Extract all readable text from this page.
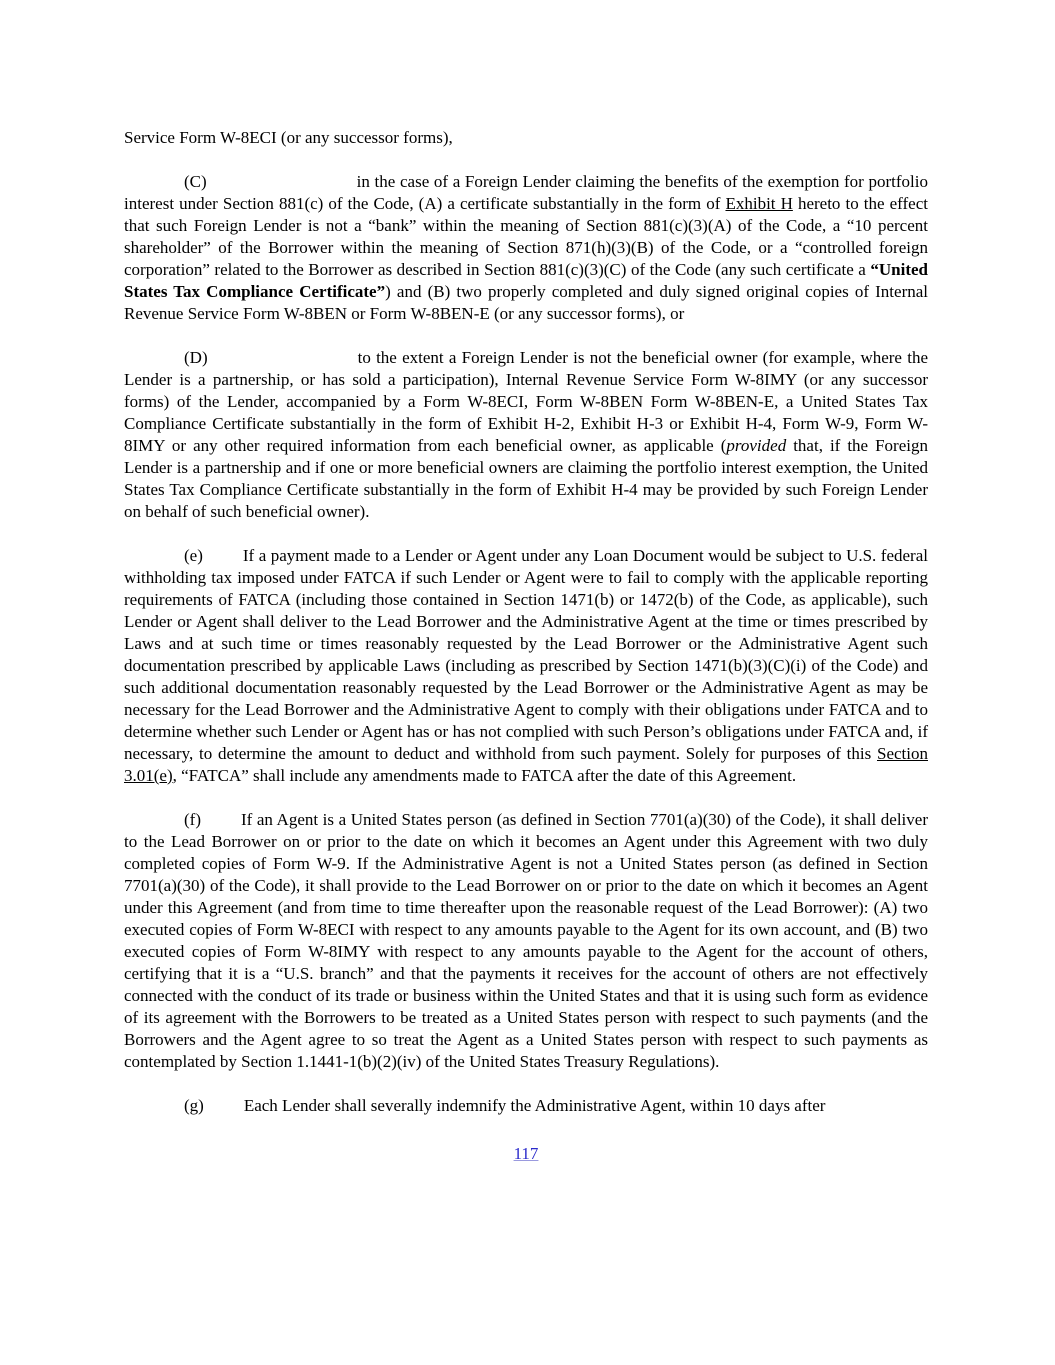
Service Form W-8ECI (or any successor forms),

(C)	in the case of a Foreign Lender claiming the benefits of the exemption for portfolio interest under Section 881(c) of the Code, (A) a certificate substantially in the form of Exhibit H hereto to the effect that such Foreign Lender is not a “bank” within the meaning of Section 881(c)(3)(A) of the Code, a “10 percent shareholder” of the Borrower within the meaning of Section 871(h)(3)(B) of the Code, or a “controlled foreign corporation” related to the Borrower as described in Section 881(c)(3)(C) of the Code (any such certificate a “United States Tax Compliance Certificate”) and (B) two properly completed and duly signed original copies of Internal Revenue Service Form W-8BEN or Form W-8BEN-E (or any successor forms), or

(D)	to the extent a Foreign Lender is not the beneficial owner (for example, where the Lender is a partnership, or has sold a participation), Internal Revenue Service Form W-8IMY (or any successor forms) of the Lender, accompanied by a Form W-8ECI, Form W-8BEN Form W-8BEN-E, a United States Tax Compliance Certificate substantially in the form of Exhibit H-2, Exhibit H-3 or Exhibit H-4, Form W-9, Form W-8IMY or any other required information from each beneficial owner, as applicable (provided that, if the Foreign Lender is a partnership and if one or more beneficial owners are claiming the portfolio interest exemption, the United States Tax Compliance Certificate substantially in the form of Exhibit H-4 may be provided by such Foreign Lender on behalf of such beneficial owner).

(e) If a payment made to a Lender or Agent under any Loan Document would be subject to U.S. federal withholding tax imposed under FATCA if such Lender or Agent were to fail to comply with the applicable reporting requirements of FATCA (including those contained in Section 1471(b) or 1472(b) of the Code, as applicable), such Lender or Agent shall deliver to the Lead Borrower and the Administrative Agent at the time or times prescribed by Laws and at such time or times reasonably requested by the Lead Borrower or the Administrative Agent such documentation prescribed by applicable Laws (including as prescribed by Section 1471(b)(3)(C)(i) of the Code) and such additional documentation reasonably requested by the Lead Borrower or the Administrative Agent as may be necessary for the Lead Borrower and the Administrative Agent to comply with their obligations under FATCA and to determine whether such Lender or Agent has or has not complied with such Person’s obligations under FATCA and, if necessary, to determine the amount to deduct and withhold from such payment. Solely for purposes of this Section 3.01(e), “FATCA” shall include any amendments made to FATCA after the date of this Agreement.

(f) If an Agent is a United States person (as defined in Section 7701(a)(30) of the Code), it shall deliver to the Lead Borrower on or prior to the date on which it becomes an Agent under this Agreement with two duly completed copies of Form W-9. If the Administrative Agent is not a United States person (as defined in Section 7701(a)(30) of the Code), it shall provide to the Lead Borrower on or prior to the date on which it becomes an Agent under this Agreement (and from time to time thereafter upon the reasonable request of the Lead Borrower): (A) two executed copies of Form W-8ECI with respect to any amounts payable to the Agent for its own account, and (B) two executed copies of Form W-8IMY with respect to any amounts payable to the Agent for the account of others, certifying that it is a “U.S. branch” and that the payments it receives for the account of others are not effectively connected with the conduct of its trade or business within the United States and that it is using such form as evidence of its agreement with the Borrowers to be treated as a United States person with respect to such payments (and the Borrowers and the Agent agree to so treat the Agent as a United States person with respect to such payments as contemplated by Section 1.1441-1(b)(2)(iv) of the United States Treasury Regulations).

(g) Each Lender shall severally indemnify the Administrative Agent, within 10 days after

117
